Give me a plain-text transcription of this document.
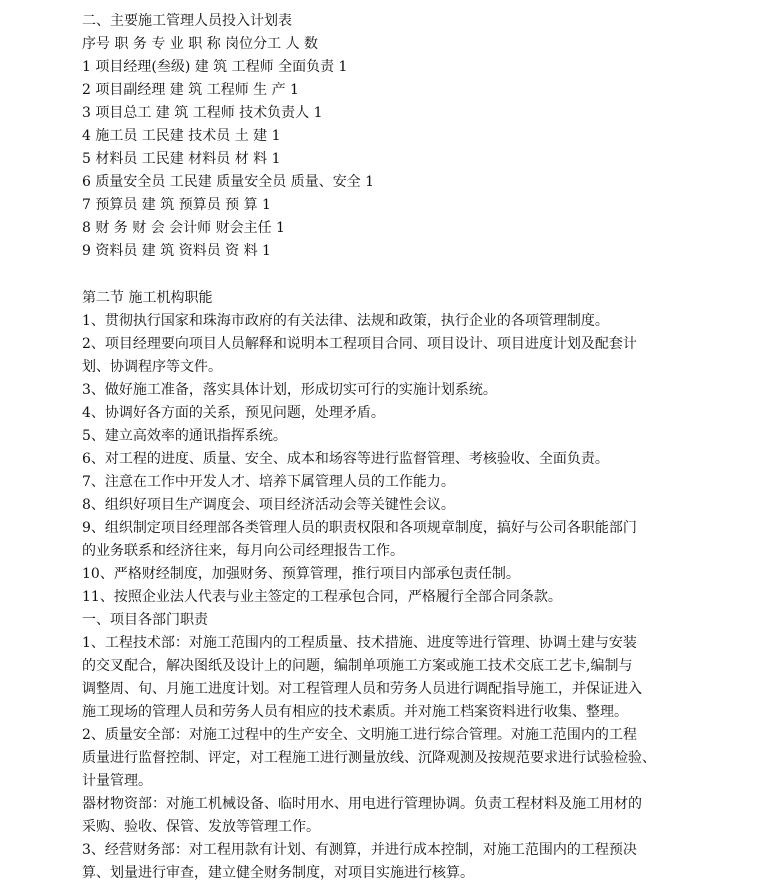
二、主要施工管理人员投入计划表
序号 职 务 专 业 职 称 岗位分工 人 数
1 项目经理(叁级) 建 筑 工程师 全面负责 1
2 项目副经理 建 筑 工程师 生 产 1
3 项目总工 建 筑 工程师 技术负责人 1
4 施工员 工民建 技术员 土 建 1
5 材料员 工民建 材料员 材 料 1
6 质量安全员 工民建 质量安全员 质量、安全 1
7 预算员 建 筑 预算员 预 算 1
8 财 务 财 会 会计师 财会主任 1
9 资料员 建 筑 资料员 资 料 1
第二节 施工机构职能
1、贯彻执行国家和珠海市政府的有关法律、法规和政策，执行企业的各项管理制度。
2、项目经理要向项目人员解释和说明本工程项目合同、项目设计、项目进度计划及配套计
划、协调程序等文件。
3、做好施工准备，落实具体计划，形成切实可行的实施计划系统。
4、协调好各方面的关系，预见问题，处理矛盾。
5、建立高效率的通讯指挥系统。
6、对工程的进度、质量、安全、成本和场容等进行监督管理、考核验收、全面负责。
7、注意在工作中开发人才、培养下属管理人员的工作能力。
8、组织好项目生产调度会、项目经济活动会等关键性会议。
9、组织制定项目经理部各类管理人员的职责权限和各项规章制度，搞好与公司各职能部门
的业务联系和经济往来，每月向公司经理报告工作。
10、严格财经制度，加强财务、预算管理，推行项目内部承包责任制。
11、按照企业法人代表与业主签定的工程承包合同，严格履行全部合同条款。
一、项目各部门职责
1、工程技术部：对施工范围内的工程质量、技术措施、进度等进行管理、协调土建与安装
的交叉配合，解决图纸及设计上的问题，编制单项施工方案或施工技术交底工艺卡,编制与
调整周、旬、月施工进度计划。对工程管理人员和劳务人员进行调配指导施工，并保证进入
施工现场的管理人员和劳务人员有相应的技术素质。并对施工档案资料进行收集、整理。
2、质量安全部：对施工过程中的生产安全、文明施工进行综合管理。对施工范围内的工程
质量进行监督控制、评定，对工程施工进行测量放线、沉降观测及按规范要求进行试验检验、
计量管理。
器材物资部：对施工机械设备、临时用水、用电进行管理协调。负责工程材料及施工用材的
采购、验收、保管、发放等管理工作。
3、经营财务部：对工程用款有计划、有测算，并进行成本控制，对施工范围内的工程预决
算、划量进行审查，建立健全财务制度，对项目实施进行核算。
